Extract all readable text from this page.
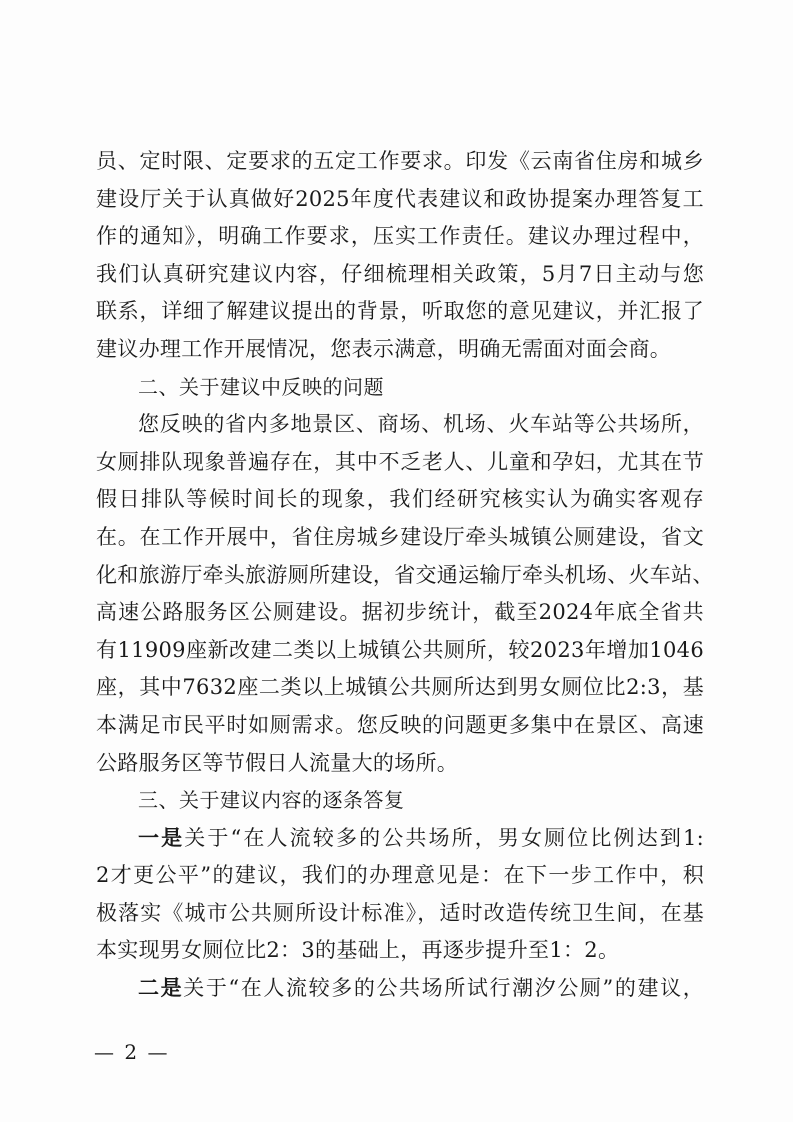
员、定时限、定要求的五定工作要求。印发《云南省住房和城乡
建设厅关于认真做好2025年度代表建议和政协提案办理答复工
作的通知》，明确工作要求，压实工作责任。建议办理过程中，
我们认真研究建议内容，仔细梳理相关政策，5月7日主动与您
联系，详细了解建议提出的背景，听取您的意见建议，并汇报了
建议办理工作开展情况，您表示满意，明确无需面对面会商。
二、关于建议中反映的问题
您反映的省内多地景区、商场、机场、火车站等公共场所，
女厕排队现象普遍存在，其中不乏老人、儿童和孕妇，尤其在节
假日排队等候时间长的现象，我们经研究核实认为确实客观存
在。在工作开展中，省住房城乡建设厅牵头城镇公厕建设，省文
化和旅游厅牵头旅游厕所建设，省交通运输厅牵头机场、火车站、
高速公路服务区公厕建设。据初步统计，截至2024年底全省共
有11909座新改建二类以上城镇公共厕所，较2023年增加1046
座，其中7632座二类以上城镇公共厕所达到男女厕位比2:3，基
本满足市民平时如厕需求。您反映的问题更多集中在景区、高速
公路服务区等节假日人流量大的场所。
三、关于建议内容的逐条答复
一是关于“在人流较多的公共场所，男女厕位比例达到1:
2才更公平”的建议，我们的办理意见是：在下一步工作中，积
极落实《城市公共厕所设计标准》，适时改造传统卫生间，在基
本实现男女厕位比2：3的基础上，再逐步提升至1：2。
二是关于“在人流较多的公共场所试行潮汐公厕”的建议，
— 2 —
